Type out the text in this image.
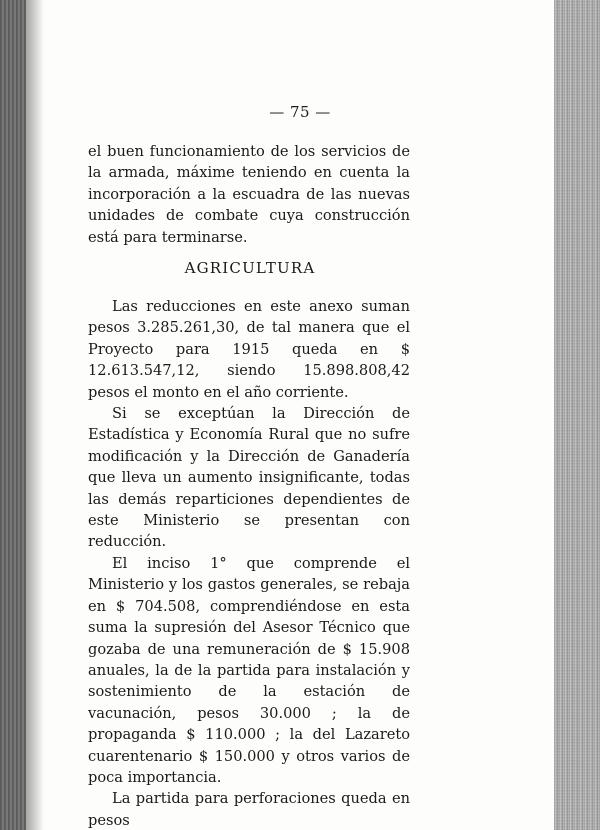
— 75 —

el buen funcionamiento de los servicios de la armada, máxime teniendo en cuenta la incorporación a la escuadra de las nuevas unidades de combate cuya construcción está para terminarse.

AGRICULTURA

Las reducciones en este anexo suman pesos 3.285.261,30, de tal manera que el Proyecto para 1915 queda en $ 12.613.547,12, siendo 15.898.808,42 pesos el monto en el año corriente.

Si se exceptúan la Dirección de Estadística y Economía Rural que no sufre modificación y la Dirección de Ganadería que lleva un aumento insignificante, todas las demás reparticiones dependientes de este Ministerio se presentan con reducción.

El inciso 1° que comprende el Ministerio y los gastos generales, se rebaja en $ 704.508, comprendiéndose en esta suma la supresión del Asesor Técnico que gozaba de una remuneración de $ 15.908 anuales, la de la partida para instalación y sostenimiento de la estación de vacunación, pesos 30.000 ; la de propaganda $ 110.000 ; la del Lazareto cuarentenario $ 150.000 y otros varios de poca importancia.

La partida para perforaciones queda en pesos
